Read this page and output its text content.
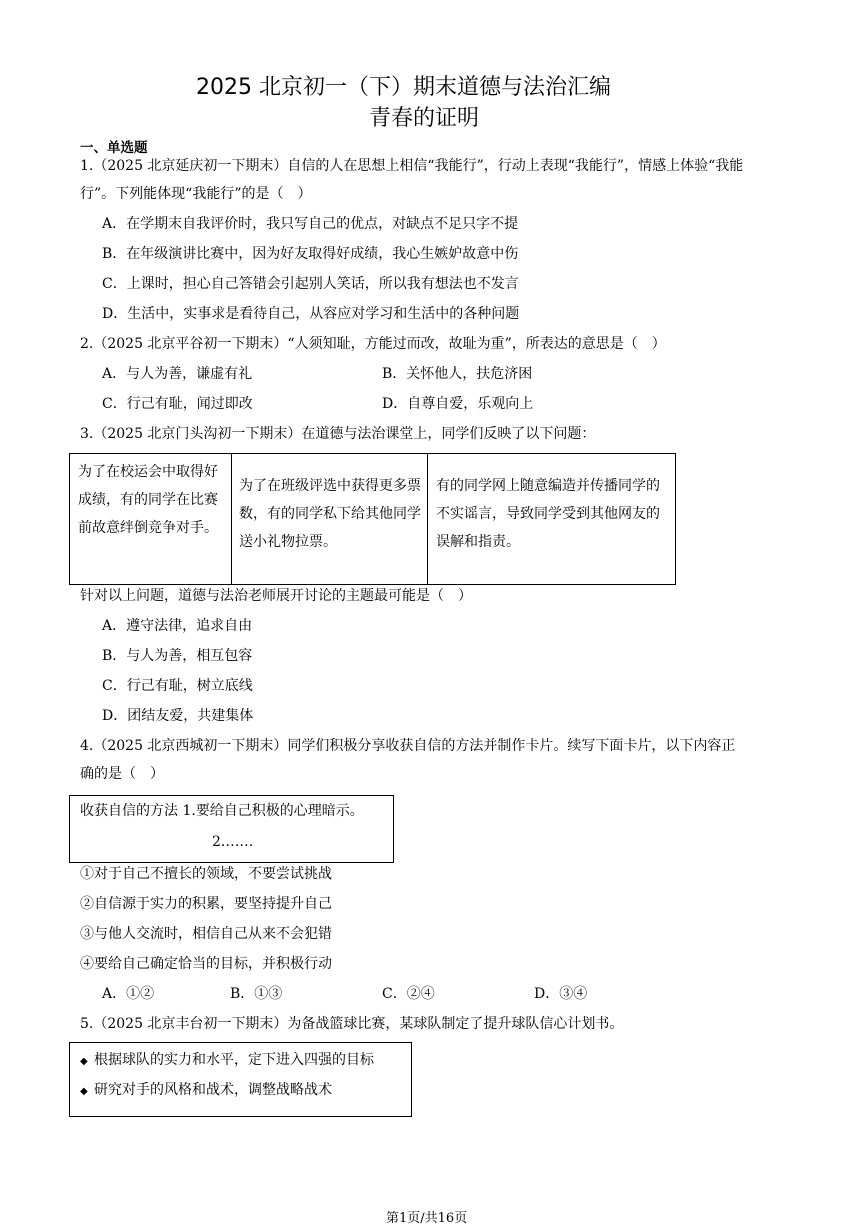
2025 北京初一（下）期末道德与法治汇编
青春的证明
一、单选题
1.（2025 北京延庆初一下期末）自信的人在思想上相信“我能行”，行动上表现“我能行”，情感上体验“我能
行”。下列能体现“我能行”的是（　）
A．在学期末自我评价时，我只写自己的优点，对缺点不足只字不提
B．在年级演讲比赛中，因为好友取得好成绩，我心生嫉妒故意中伤
C．上课时，担心自己答错会引起别人笑话，所以我有想法也不发言
D．生活中，实事求是看待自己，从容应对学习和生活中的各种问题
2.（2025 北京平谷初一下期末）“人须知耻，方能过而改，故耻为重”，所表达的意思是（　）
A．与人为善，谦虚有礼	B．关怀他人，扶危济困
C．行己有耻，闻过即改	D．自尊自爱，乐观向上
3.（2025 北京门头沟初一下期末）在道德与法治课堂上，同学们反映了以下问题：
为了在校运会中取得好成绩，有的同学在比赛前故意绊倒竞争对手。
为了在班级评选中获得更多票数，有的同学私下给其他同学送小礼物拉票。
有的同学网上随意编造并传播同学的不实谣言，导致同学受到其他网友的误解和指责。
针对以上问题，道德与法治老师展开讨论的主题最可能是（　）
A．遵守法律，追求自由
B．与人为善，相互包容
C．行己有耻，树立底线
D．团结友爱，共建集体
4.（2025 北京西城初一下期末）同学们积极分享收获自信的方法并制作卡片。续写下面卡片，以下内容正
确的是（　）
收获自信的方法 1.要给自己积极的心理暗示。
2.……
①对于自己不擅长的领域，不要尝试挑战
②自信源于实力的积累，要坚持提升自己
③与他人交流时，相信自己从来不会犯错
④要给自己确定恰当的目标，并积极行动
A．①②	B．①③	C．②④	D．③④
5.（2025 北京丰台初一下期末）为备战篮球比赛，某球队制定了提升球队信心计划书。
◆ 根据球队的实力和水平，定下进入四强的目标
◆ 研究对手的风格和战术，调整战略战术
第1页/共16页
